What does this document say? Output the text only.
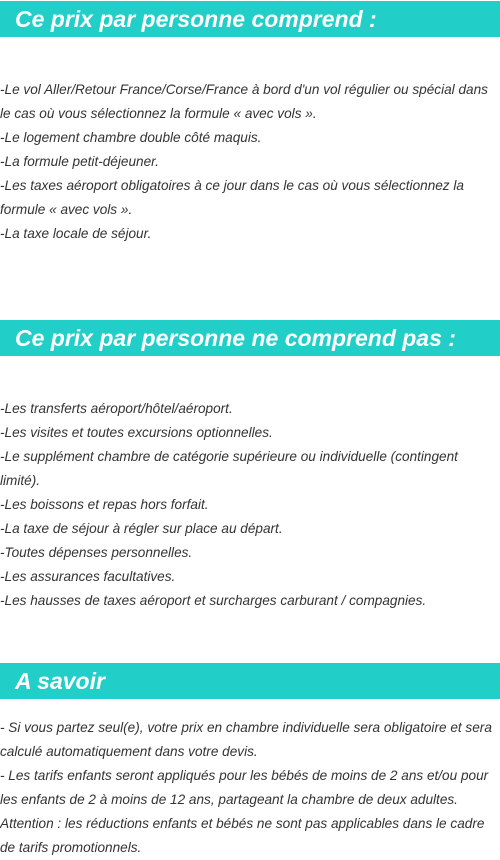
Ce prix par personne comprend :
-Le vol Aller/Retour France/Corse/France à bord d'un vol régulier ou spécial dans le cas où vous sélectionnez la formule « avec vols ».
-Le logement chambre double côté maquis.
-La formule petit-déjeuner.
-Les taxes aéroport obligatoires à ce jour dans le cas où vous sélectionnez la formule « avec vols ».
-La taxe locale de séjour.
Ce prix par personne ne comprend pas :
-Les transferts aéroport/hôtel/aéroport.
-Les visites et toutes excursions optionnelles.
-Le supplément chambre de catégorie supérieure ou individuelle (contingent limité).
-Les boissons et repas hors forfait.
-La taxe de séjour à régler sur place au départ.
-Toutes dépenses personnelles.
-Les assurances facultatives.
-Les hausses de taxes aéroport et surcharges carburant / compagnies.
A savoir
- Si vous partez seul(e), votre prix en chambre individuelle sera obligatoire et sera calculé automatiquement dans votre devis.
- Les tarifs enfants seront appliqués pour les bébés de moins de 2 ans et/ou pour les enfants de 2 à moins de 12 ans, partageant la chambre de deux adultes.
Attention : les réductions enfants et bébés ne sont pas applicables dans le cadre de tarifs promotionnels.
